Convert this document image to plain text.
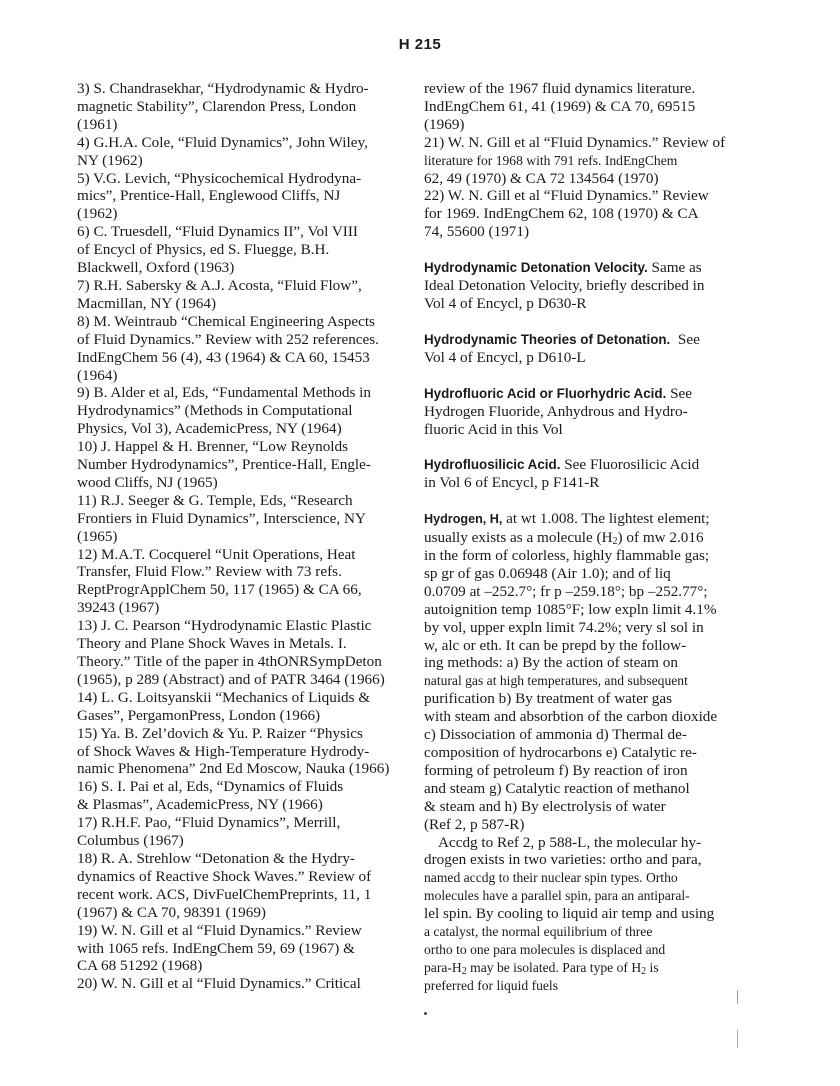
H 215
3) S. Chandrasekhar, “Hydrodynamic & Hydro-
magnetic Stability”, Clarendon Press, London
(1961)
4) G.H.A. Cole, “Fluid Dynamics”, John Wiley,
NY (1962)
5) V.G. Levich, “Physicochemical Hydrodyna-
mics”, Prentice-Hall, Englewood Cliffs, NJ
(1962)
6) C. Truesdell, “Fluid Dynamics II”, Vol VIII
of Encycl of Physics, ed S. Fluegge, B.H.
Blackwell, Oxford (1963)
7) R.H. Sabersky & A.J. Acosta, “Fluid Flow”,
Macmillan, NY (1964)
8) M. Weintraub “Chemical Engineering Aspects
of Fluid Dynamics.” Review with 252 references.
IndEngChem 56 (4), 43 (1964) & CA 60, 15453
(1964)
9) B. Alder et al, Eds, “Fundamental Methods in
Hydrodynamics” (Methods in Computational
Physics, Vol 3), AcademicPress, NY (1964)
10) J. Happel & H. Brenner, “Low Reynolds
Number Hydrodynamics”, Prentice-Hall, Engle-
wood Cliffs, NJ (1965)
11) R.J. Seeger & G. Temple, Eds, “Research
Frontiers in Fluid Dynamics”, Interscience, NY
(1965)
12) M.A.T. Cocquerel “Unit Operations, Heat
Transfer, Fluid Flow.” Review with 73 refs.
ReptProgrApplChem 50, 117 (1965) & CA 66,
39243 (1967)
13) J. C. Pearson “Hydrodynamic Elastic Plastic
Theory and Plane Shock Waves in Metals. I.
Theory.” Title of the paper in 4thONRSympDeton
(1965), p 289 (Abstract) and of PATR 3464 (1966)
14) L. G. Loitsyanskii “Mechanics of Liquids &
Gases”, PergamonPress, London (1966)
15) Ya. B. Zel’dovich & Yu. P. Raizer “Physics
of Shock Waves & High-Temperature Hydrody-
namic Phenomena” 2nd Ed Moscow, Nauka (1966)
16) S. I. Pai et al, Eds, “Dynamics of Fluids
& Plasmas”, AcademicPress, NY (1966)
17) R.H.F. Pao, “Fluid Dynamics”, Merrill,
Columbus (1967)
18) R. A. Strehlow “Detonation & the Hydry-
dynamics of Reactive Shock Waves.” Review of
recent work. ACS, DivFuelChemPreprints, 11, 1
(1967) & CA 70, 98391 (1969)
19) W. N. Gill et al “Fluid Dynamics.” Review
with 1065 refs. IndEngChem 59, 69 (1967) &
CA 68 51292 (1968)
20) W. N. Gill et al “Fluid Dynamics.” Critical
review of the 1967 fluid dynamics literature.
IndEngChem 61, 41 (1969) & CA 70, 69515
(1969)
21) W. N. Gill et al “Fluid Dynamics.” Review of
literature for 1968 with 791 refs. IndEngChem
62, 49 (1970) & CA 72 134564 (1970)
22) W. N. Gill et al “Fluid Dynamics.” Review
for 1969. IndEngChem 62, 108 (1970) & CA
74, 55600 (1971)
Hydrodynamic Detonation Velocity. Same as
Ideal Detonation Velocity, briefly described in
Vol 4 of Encycl, p D630-R
Hydrodynamic Theories of Detonation. See
Vol 4 of Encycl, p D610-L
Hydrofluoric Acid or Fluorhydric Acid. See
Hydrogen Fluoride, Anhydrous and Hydro-
fluoric Acid in this Vol
Hydrofluosilicic Acid. See Fluorosilicic Acid
in Vol 6 of Encycl, p F141-R
Hydrogen, H, at wt 1.008. The lightest element;
usually exists as a molecule $(H_2)$ of mw 2.016
in the form of colorless, highly flammable gas;
sp gr of gas 0.06948 (Air 1.0); and of liq
0.0709 at –252.7°; fr p –259.18°; bp –252.77°;
autoignition temp 1085°F; low expln limit 4.1%
by vol, upper expln limit 74.2%; very sl sol in
w, alc or eth. It can be prepd by the follow-
ing methods: a) By the action of steam on
natural gas at high temperatures, and subsequent
purification b) By treatment of water gas
with steam and absorbtion of the carbon dioxide
c) Dissociation of ammonia d) Thermal de-
composition of hydrocarbons e) Catalytic re-
forming of petroleum f) By reaction of iron
and steam g) Catalytic reaction of methanol
& steam and h) By electrolysis of water
(Ref 2, p 587-R)
Accdg to Ref 2, p 588-L, the molecular hy-
drogen exists in two varieties: ortho and para,
named accdg to their nuclear spin types. Ortho
molecules have a parallel spin, para an antiparal-
lel spin. By cooling to liquid air temp and using
a catalyst, the normal equilibrium of three
ortho to one para molecules is displaced and
para-$H_2$ may be isolated. Para type of $H_2$ is
preferred for liquid fuels
